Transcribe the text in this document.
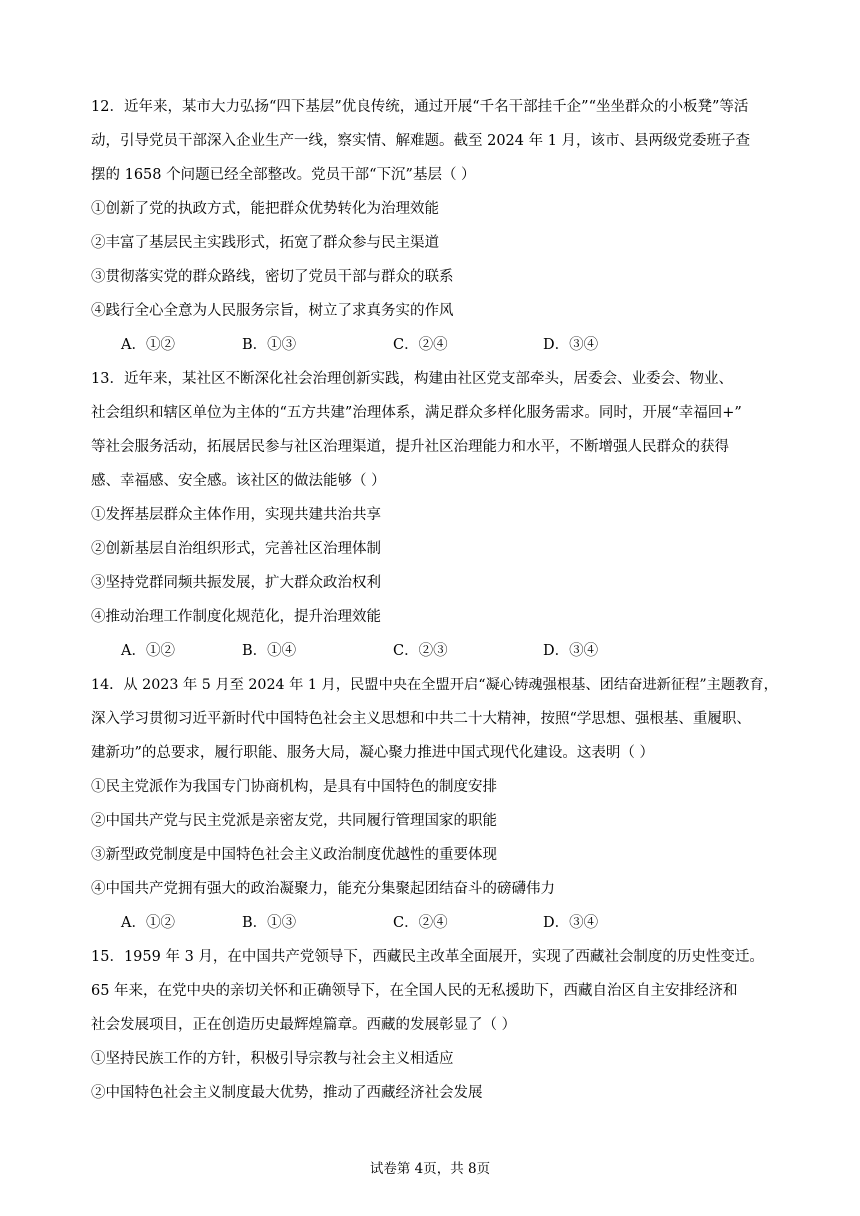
12．近年来，某市大力弘扬“四下基层”优良传统，通过开展“千名干部挂千企”“坐坐群众的小板凳”等活
动，引导党员干部深入企业生产一线，察实情、解难题。截至 2024 年 1 月，该市、县两级党委班子查
摆的 1658 个问题已经全部整改。党员干部“下沉”基层（ ）
①创新了党的执政方式，能把群众优势转化为治理效能
②丰富了基层民主实践形式，拓宽了群众参与民主渠道
③贯彻落实党的群众路线，密切了党员干部与群众的联系
④践行全心全意为人民服务宗旨，树立了求真务实的作风
A．①②	B．①③	C．②④	D．③④
13．近年来，某社区不断深化社会治理创新实践，构建由社区党支部牵头，居委会、业委会、物业、
社会组织和辖区单位为主体的“五方共建”治理体系，满足群众多样化服务需求。同时，开展“幸福回+”
等社会服务活动，拓展居民参与社区治理渠道，提升社区治理能力和水平，不断增强人民群众的获得
感、幸福感、安全感。该社区的做法能够（ ）
①发挥基层群众主体作用，实现共建共治共享
②创新基层自治组织形式，完善社区治理体制
③坚持党群同频共振发展，扩大群众政治权利
④推动治理工作制度化规范化，提升治理效能
A．①②	B．①④	C．②③	D．③④
14．从 2023 年 5 月至 2024 年 1 月，民盟中央在全盟开启“凝心铸魂强根基、团结奋进新征程”主题教育，
深入学习贯彻习近平新时代中国特色社会主义思想和中共二十大精神，按照“学思想、强根基、重履职、
建新功”的总要求，履行职能、服务大局，凝心聚力推进中国式现代化建设。这表明（ ）
①民主党派作为我国专门协商机构，是具有中国特色的制度安排
②中国共产党与民主党派是亲密友党，共同履行管理国家的职能
③新型政党制度是中国特色社会主义政治制度优越性的重要体现
④中国共产党拥有强大的政治凝聚力，能充分集聚起团结奋斗的磅礴伟力
A．①②	B．①③	C．②④	D．③④
15．1959 年 3 月，在中国共产党领导下，西藏民主改革全面展开，实现了西藏社会制度的历史性变迁。
65 年来，在党中央的亲切关怀和正确领导下，在全国人民的无私援助下，西藏自治区自主安排经济和
社会发展项目，正在创造历史最辉煌篇章。西藏的发展彰显了（ ）
①坚持民族工作的方针，积极引导宗教与社会主义相适应
②中国特色社会主义制度最大优势，推动了西藏经济社会发展
试卷第 4页，共 8页
